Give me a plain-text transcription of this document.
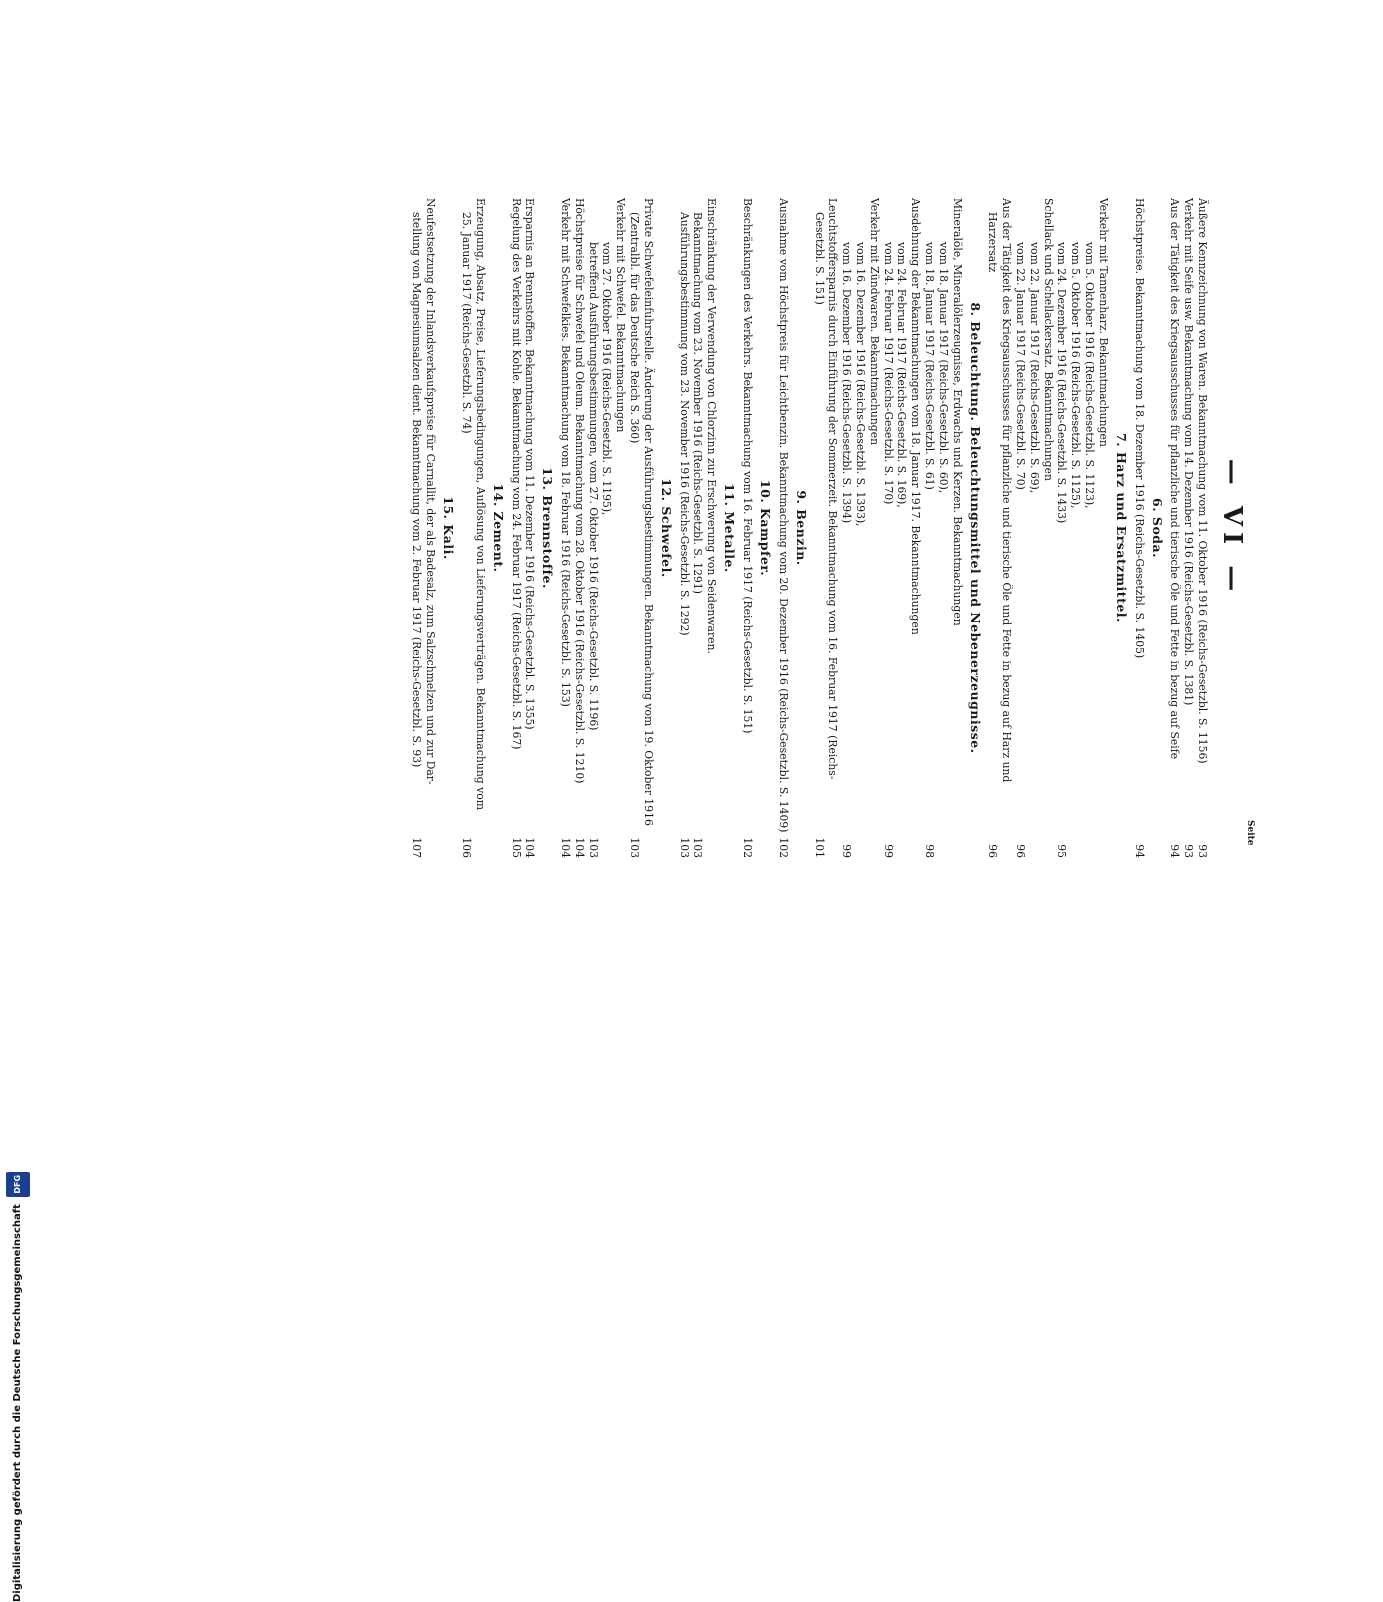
Seite
— VI —
Äußere Kennzeichnung von Waren. Bekanntmachung vom 11. Oktober 1916 (Reichs-Gesetzbl. S. 1156)
93
Verkehr mit Seife usw. Bekanntmachung vom 14. Dezember 1916 (Reichs-Gesetzbl. S. 1381)
93
Aus der Tätigkeit des Kriegsausschusses für pflanzliche und tierische Öle und Fette in bezug auf Seife
94
6. Soda.
Höchstpreise. Bekanntmachung vom 18. Dezember 1916 (Reichs-Gesetzbl. S. 1405)
94
7. Harz und Ersatzmittel.
Verkehr mit Tannenharz. Bekanntmachungen
vom 5. Oktober 1916 (Reichs-Gesetzbl. S. 1123),
vom 5. Oktober 1916 (Reichs-Gesetzbl. S. 1125),
vom 24. Dezember 1916 (Reichs-Gesetzbl. S. 1433)
95
Schellack und Schellackersatz. Bekanntmachungen
vom 22. Januar 1917 (Reichs-Gesetzbl. S. 69),
vom 22. Januar 1917 (Reichs-Gesetzbl. S. 70)
96
Aus der Tätigkeit des Kriegsausschusses für pflanzliche und tierische Öle und Fette in bezug auf Harz und
Harzersatz
96
8. Beleuchtung. Beleuchtungsmittel und Nebenerzeugnisse.
Mineralöle, Mineralölerzeugnisse, Erdwachs und Kerzen. Bekanntmachungen
vom 18. Januar 1917 (Reichs-Gesetzbl. S. 60),
vom 18. Januar 1917 (Reichs-Gesetzbl. S. 61)
98
Ausdehnung der Bekanntmachungen vom 18. Januar 1917. Bekanntmachungen
vom 24. Februar 1917 (Reichs-Gesetzbl. S. 169),
vom 24. Februar 1917 (Reichs-Gesetzbl. S. 170)
99
Verkehr mit Zündwaren. Bekanntmachungen
vom 16. Dezember 1916 (Reichs-Gesetzbl. S. 1393),
vom 16. Dezember 1916 (Reichs-Gesetzbl. S. 1394)
99
Leuchtstoffersparnis durch Einführung der Sommerzeit. Bekanntmachung vom 16. Februar 1917 (Reichs-
Gesetzbl. S. 151)
101
9. Benzin.
Ausnahme vom Höchstpreis für Leichtbenzin. Bekanntmachung vom 20. Dezember 1916 (Reichs-Gesetzbl. S. 1409)
102
10. Kampfer.
Beschränkungen des Verkehrs. Bekanntmachung vom 16. Februar 1917 (Reichs-Gesetzbl. S. 151)
102
11. Metalle.
Einschränkung der Verwendung von Chlorzinn zur Erschwerung von Seidenwaren.
Bekanntmachung vom 23. November 1916 (Reichs-Gesetzbl. S. 1291)
103
Ausführungsbestimmung vom 23. November 1916 (Reichs-Gesetzbl. S. 1292)
103
12. Schwefel.
Private Schwefeleinfuhrstelle. Änderung der Ausführungsbestimmungen. Bekanntmachung vom 19. Oktober 1916
(Zentralbl. für das Deutsche Reich S. 360)
103
Verkehr mit Schwefel. Bekanntmachungen
vom 27. Oktober 1916 (Reichs-Gesetzbl. S. 1195),
betreffend Ausführungsbestimmungen, vom 27. Oktober 1916 (Reichs-Gesetzbl. S. 1196)
103
Höchstpreise für Schwefel und Oleum. Bekanntmachung vom 28. Oktober 1916 (Reichs-Gesetzbl. S. 1210)
104
Verkehr mit Schwefelkies. Bekanntmachung vom 18. Februar 1916 (Reichs-Gesetzbl. S. 153)
104
13. Brennstoffe.
Ersparnis an Brennstoffen. Bekanntmachung vom 11. Dezember 1916 (Reichs-Gesetzbl. S. 1355)
104
Regelung des Verkehrs mit Kohle. Bekanntmachung vom 24. Februar 1917 (Reichs-Gesetzbl. S. 167)
105
14. Zement.
Erzeugung, Absatz, Preise, Lieferungsbedingungen, Auflösung von Lieferungsverträgen. Bekanntmachung vom
25. Januar 1917 (Reichs-Gesetzbl. S. 74)
106
15. Kali.
Neufestsetzung der Inlandsverkaufspreise für Carnallit, der als Badesalz, zum Salzschmelzen und zur Dar-
stellung von Magnesiumsalzen dient. Bekanntmachung vom 2. Februar 1917 (Reichs-Gesetzbl. S. 93)
107
Digitalisierung gefördert durch die Deutsche Forschungsgemeinschaft DFG
